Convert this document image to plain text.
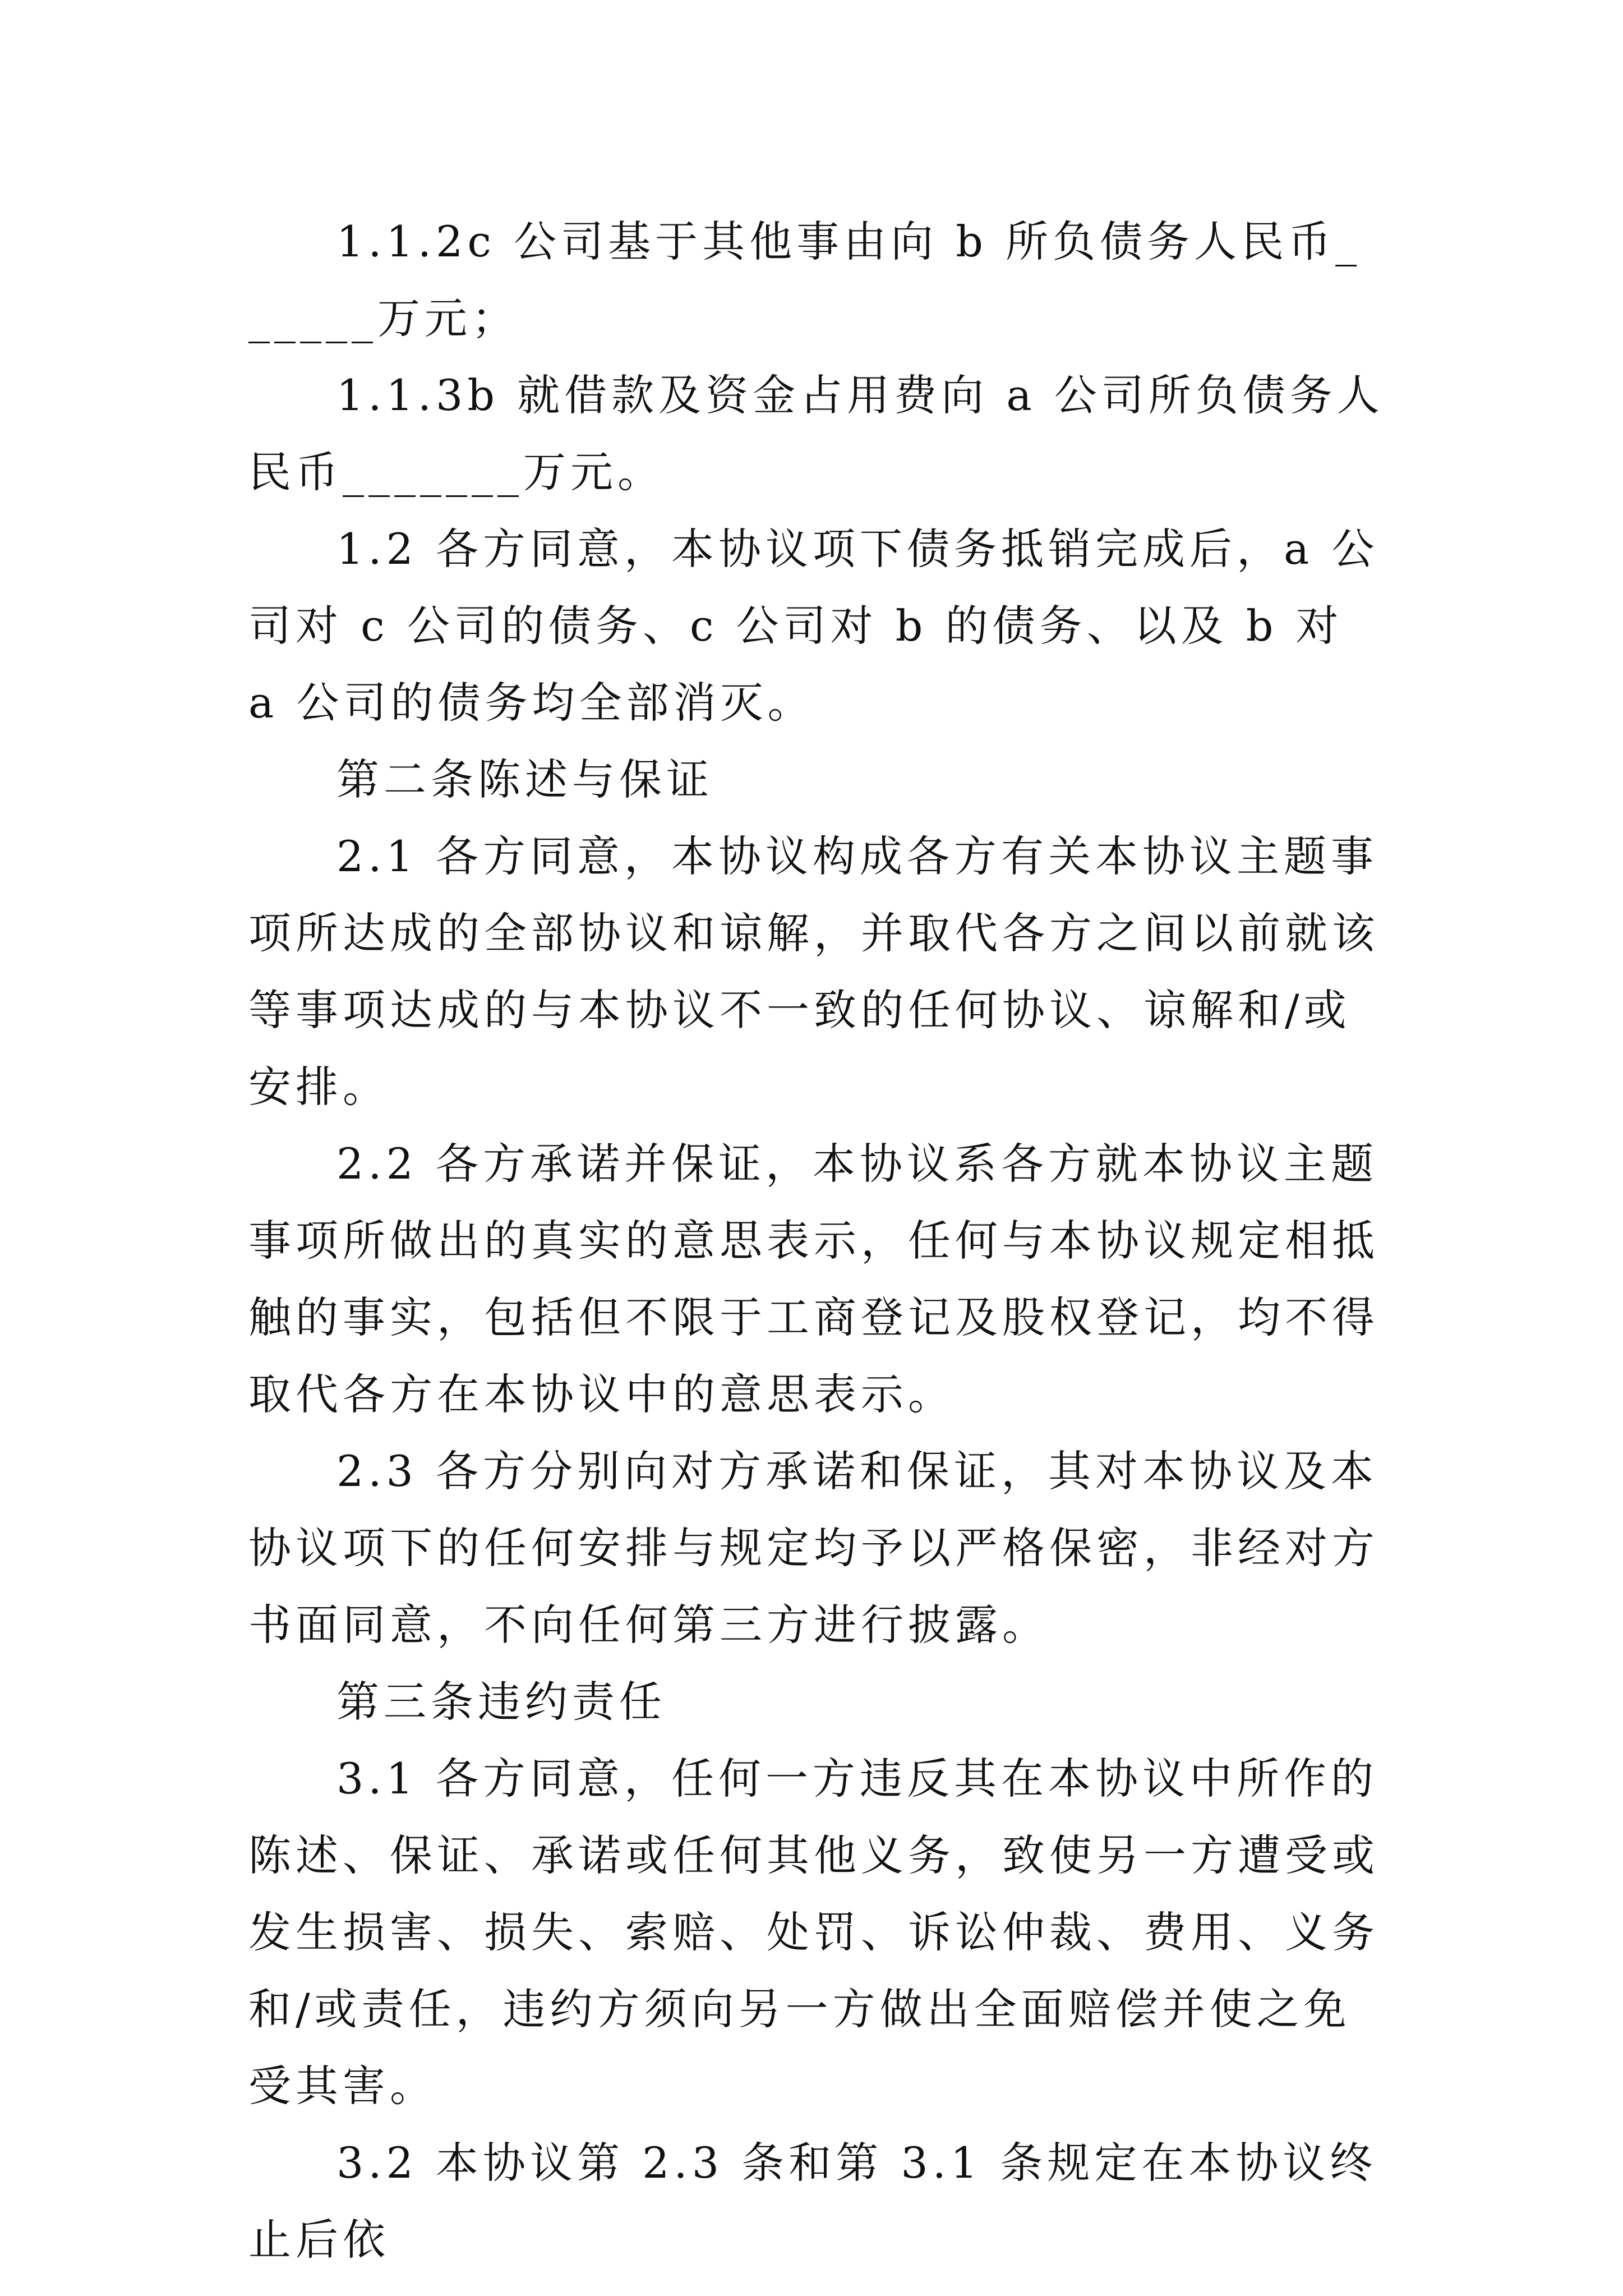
1.1.2c 公司基于其他事由向 b 所负债务人民币______万元；

1.1.3b 就借款及资金占用费向 a 公司所负债务人民币_______万元。

1.2 各方同意，本协议项下债务抵销完成后，a 公司对 c 公司的债务、c 公司对 b 的债务、以及 b 对 a 公司的债务均全部消灭。

第二条陈述与保证

2.1 各方同意，本协议构成各方有关本协议主题事项所达成的全部协议和谅解，并取代各方之间以前就该等事项达成的与本协议不一致的任何协议、谅解和/或安排。

2.2 各方承诺并保证，本协议系各方就本协议主题事项所做出的真实的意思表示，任何与本协议规定相抵触的事实，包括但不限于工商登记及股权登记，均不得取代各方在本协议中的意思表示。

2.3 各方分别向对方承诺和保证，其对本协议及本协议项下的任何安排与规定均予以严格保密，非经对方书面同意，不向任何第三方进行披露。

第三条违约责任

3.1 各方同意，任何一方违反其在本协议中所作的陈述、保证、承诺或任何其他义务，致使另一方遭受或发生损害、损失、索赔、处罚、诉讼仲裁、费用、义务和/或责任，违约方须向另一方做出全面赔偿并使之免受其害。

3.2 本协议第 2.3 条和第 3.1 条规定在本协议终止后依
